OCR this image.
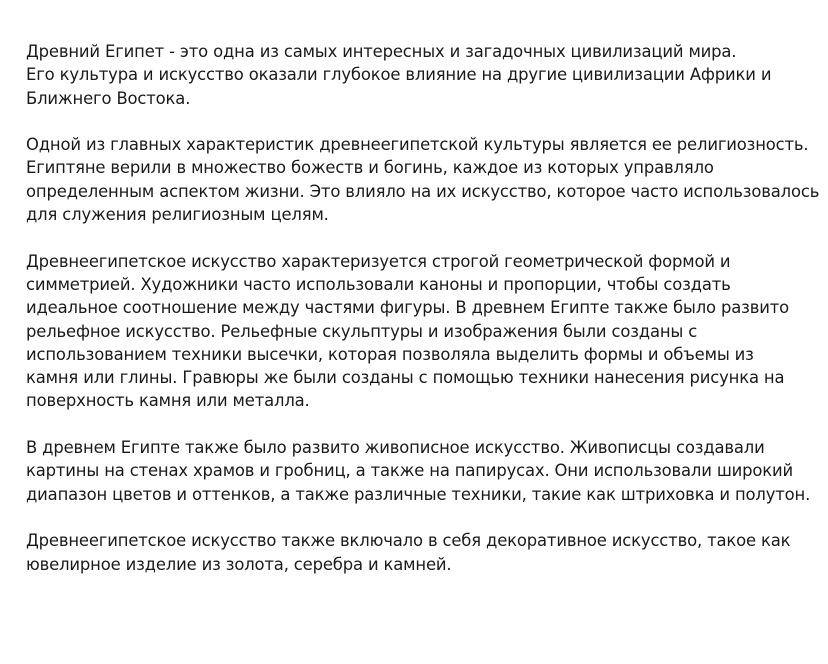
Древний Египет - это одна из самых интересных и загадочных цивилизаций мира.
Его культура и искусство оказали глубокое влияние на другие цивилизации Африки и
Ближнего Востока.

Одной из главных характеристик древнеегипетской культуры является ее религиозность.
Египтяне верили в множество божеств и богинь, каждое из которых управляло
определенным аспектом жизни. Это влияло на их искусство, которое часто использовалось
для служения религиозным целям.

Древнеегипетское искусство характеризуется строгой геометрической формой и
симметрией. Художники часто использовали каноны и пропорции, чтобы создать
идеальное соотношение между частями фигуры. В древнем Египте также было развито
рельефное искусство. Рельефные скульптуры и изображения были созданы с
использованием техники высечки, которая позволяла выделить формы и объемы из
камня или глины. Гравюры же были созданы с помощью техники нанесения рисунка на
поверхность камня или металла.

В древнем Египте также было развито живописное искусство. Живописцы создавали
картины на стенах храмов и гробниц, а также на папирусах. Они использовали широкий
диапазон цветов и оттенков, а также различные техники, такие как штриховка и полутон.

Древнеегипетское искусство также включало в себя декоративное искусство, такое как
ювелирное изделие из золота, серебра и камней.
